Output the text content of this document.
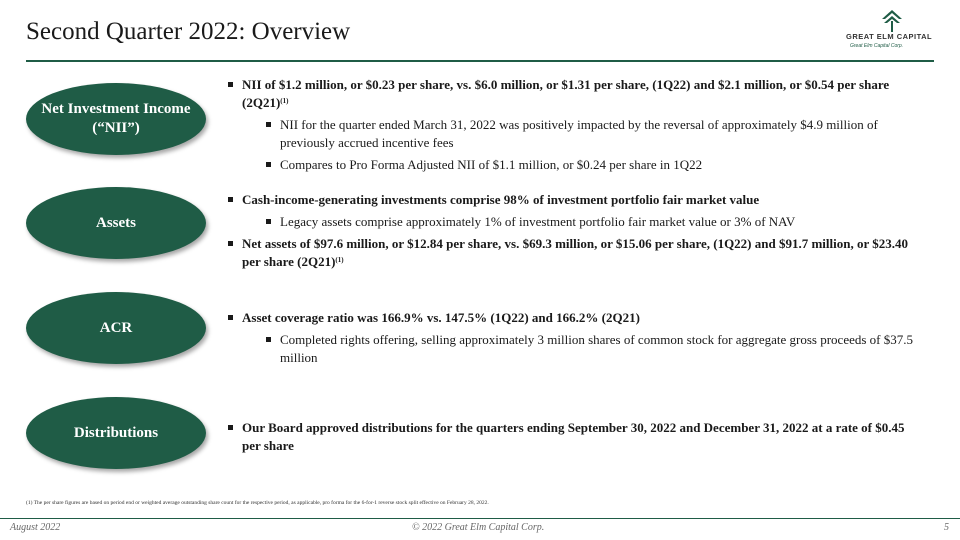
Second Quarter 2022: Overview	GREAT ELM CAPITAL
Great Elm Capital Corp.
Net Investment Income (“NII”)
NII of $1.2 million, or $0.23 per share, vs. $6.0 million, or $1.31 per share, (1Q22) and $2.1 million, or $0.54 per share $(2Q21)^{(1)}$
NII for the quarter ended March 31, 2022 was positively impacted by the reversal of approximately $4.9 million of previously accrued incentive fees
Compares to Pro Forma Adjusted NII of $1.1 million, or $0.24 per share in 1Q22
Assets
Cash-income-generating investments comprise 98% of investment portfolio fair market value
Legacy assets comprise approximately 1% of investment portfolio fair market value or 3% of NAV
Net assets of $97.6 million, or $12.84 per share, vs. $69.3 million, or $15.06 per share, (1Q22) and $91.7 million, or $23.40 per share $(2Q21)^{(1)}$
ACR
Asset coverage ratio was 166.9% vs. 147.5% (1Q22) and 166.2% (2Q21)
Completed rights offering, selling approximately 3 million shares of common stock for aggregate gross proceeds of $37.5 million
Distributions	Our Board approved distributions for the quarters ending September 30, 2022 and December 31, 2022 at a rate of $0.45 per share
(1) The per share figures are based on period end or weighted average outstanding share count for the respective period, as applicable, pro forma for the 6-for-1 reverse stock split effective on February 28, 2022.
August 2022	© 2022 Great Elm Capital Corp.	5
